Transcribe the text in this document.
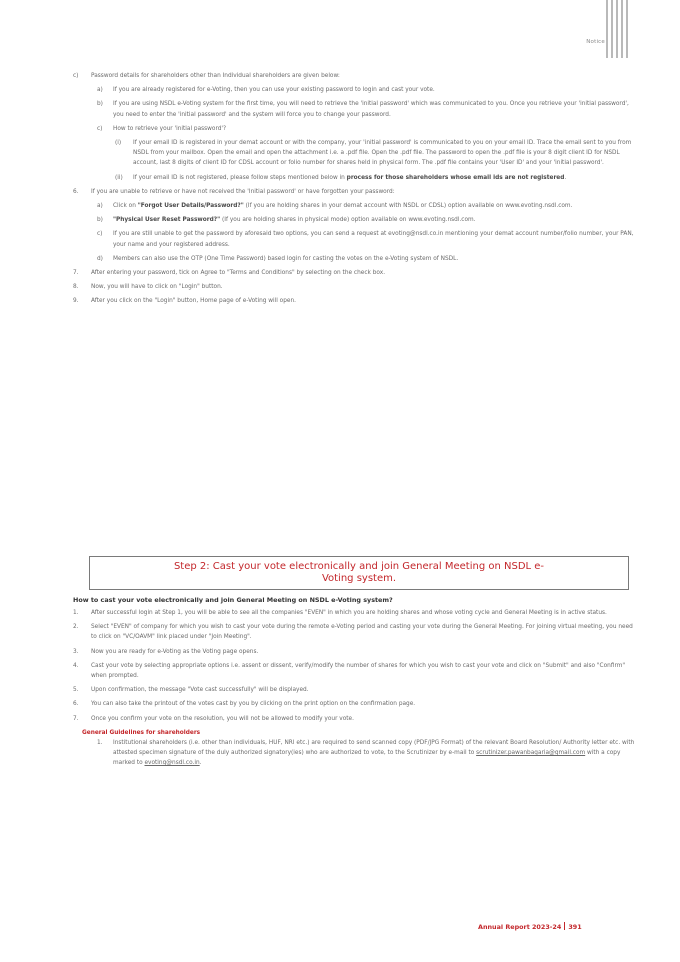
Notice
c) Password details for shareholders other than Individual shareholders are given below:

a) If you are already registered for e-Voting, then you can use your existing password to login and cast your vote.

b) If you are using NSDL e-Voting system for the first time, you will need to retrieve the 'initial password' which was communicated to you. Once you retrieve your 'initial password', you need to enter the 'initial password' and the system will force you to change your password.

c) How to retrieve your 'initial password'?

(i) If your email ID is registered in your demat account or with the company, your 'initial password' is communicated to you on your email ID. Trace the email sent to you from NSDL from your mailbox. Open the email and open the attachment i.e. a .pdf file. Open the .pdf file. The password to open the .pdf file is your 8 digit client ID for NSDL account, last 8 digits of client ID for CDSL account or folio number for shares held in physical form. The .pdf file contains your 'User ID' and your 'initial password'.

(ii) If your email ID is not registered, please follow steps mentioned below in process for those shareholders whose email ids are not registered.

6. If you are unable to retrieve or have not received the 'Initial password' or have forgotten your password:

a) Click on "Forgot User Details/Password?" (If you are holding shares in your demat account with NSDL or CDSL) option available on www.evoting.nsdl.com.

b) "Physical User Reset Password?" (If you are holding shares in physical mode) option available on www.evoting.nsdl.com.

c) If you are still unable to get the password by aforesaid two options, you can send a request at evoting@nsdl.co.in mentioning your demat account number/folio number, your PAN, your name and your registered address.

d) Members can also use the OTP (One Time Password) based login for casting the votes on the e-Voting system of NSDL.

7. After entering your password, tick on Agree to "Terms and Conditions" by selecting on the check box.

8. Now, you will have to click on "Login" button.

9. After you click on the "Login" button, Home page of e-Voting will open.

Step 2: Cast your vote electronically and join General Meeting on NSDL e-Voting system.
How to cast your vote electronically and join General Meeting on NSDL e-Voting system?
1. After successful login at Step 1, you will be able to see all the companies "EVEN" in which you are holding shares and whose voting cycle and General Meeting is in active status.

2. Select "EVEN" of company for which you wish to cast your vote during the remote e-Voting period and casting your vote during the General Meeting. For joining virtual meeting, you need to click on "VC/OAVM" link placed under "Join Meeting".

3. Now you are ready for e-Voting as the Voting page opens.

4. Cast your vote by selecting appropriate options i.e. assent or dissent, verify/modify the number of shares for which you wish to cast your vote and click on "Submit" and also "Confirm" when prompted.

5. Upon confirmation, the message "Vote cast successfully" will be displayed.

6. You can also take the printout of the votes cast by you by clicking on the print option on the confirmation page.

7. Once you confirm your vote on the resolution, you will not be allowed to modify your vote.

General Guidelines for shareholders
1. Institutional shareholders (i.e. other than individuals, HUF, NRI etc.) are required to send scanned copy (PDF/JPG Format) of the relevant Board Resolution/ Authority letter etc. with attested specimen signature of the duly authorized signatory(ies) who are authorized to vote, to the Scrutinizer by e-mail to scrutinizer.pawanbagaria@gmail.com with a copy marked to evoting@nsdl.co.in.

Annual Report 2023-24 391
